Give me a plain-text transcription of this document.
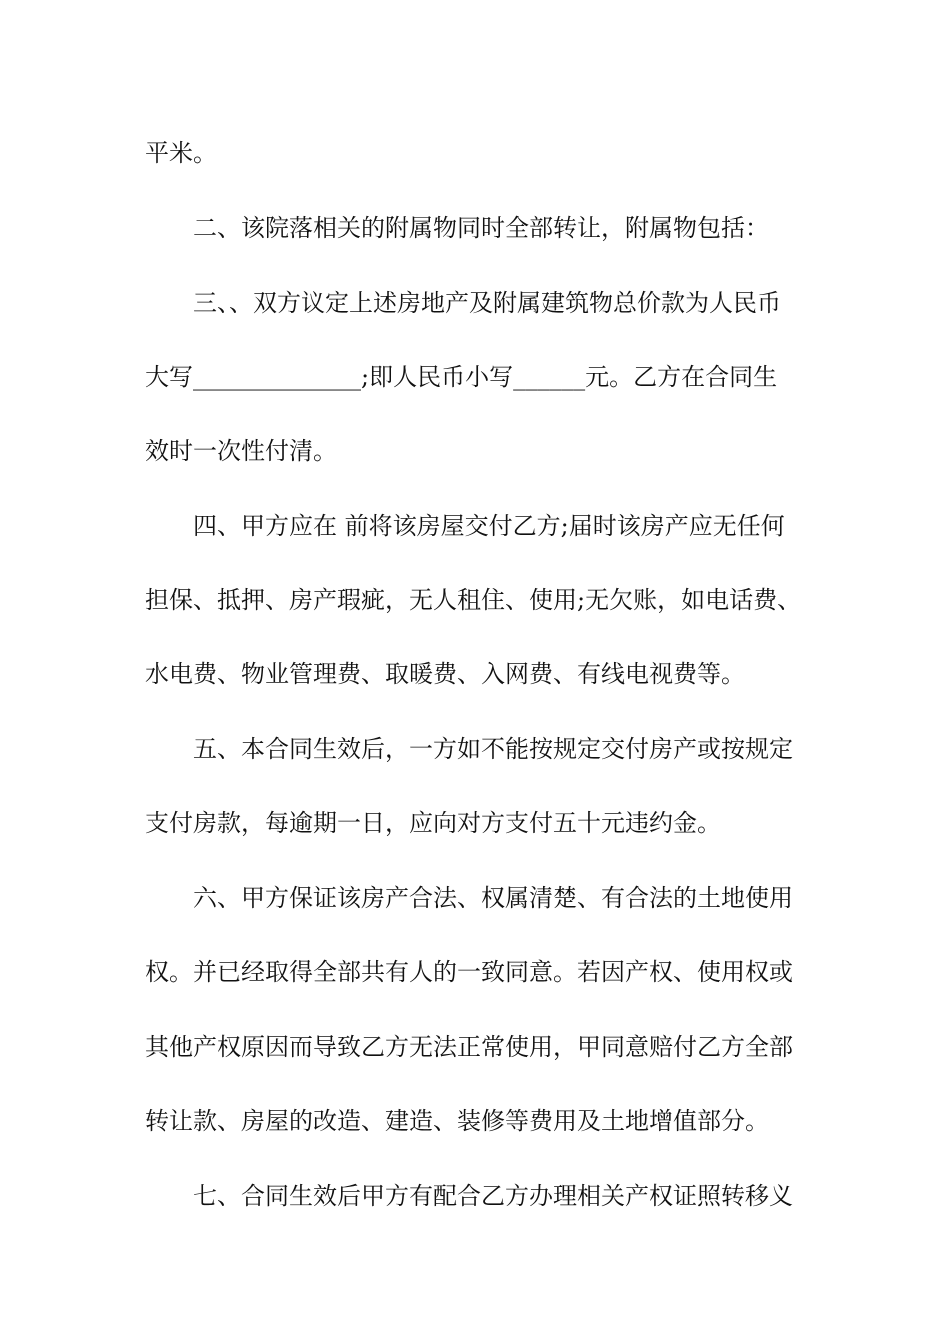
平米。
二、该院落相关的附属物同时全部转让，附属物包括：
三、、双方议定上述房地产及附属建筑物总价款为人民币
大写______________;即人民币小写______元。乙方在合同生
效时一次性付清。
四、甲方应在 前将该房屋交付乙方;届时该房产应无任何
担保、抵押、房产瑕疵，无人租住、使用;无欠账，如电话费、
水电费、物业管理费、取暖费、入网费、有线电视费等。
五、本合同生效后，一方如不能按规定交付房产或按规定
支付房款，每逾期一日，应向对方支付五十元违约金。
六、甲方保证该房产合法、权属清楚、有合法的土地使用
权。并已经取得全部共有人的一致同意。若因产权、使用权或
其他产权原因而导致乙方无法正常使用，甲同意赔付乙方全部
转让款、房屋的改造、建造、装修等费用及土地增值部分。
七、合同生效后甲方有配合乙方办理相关产权证照转移义
